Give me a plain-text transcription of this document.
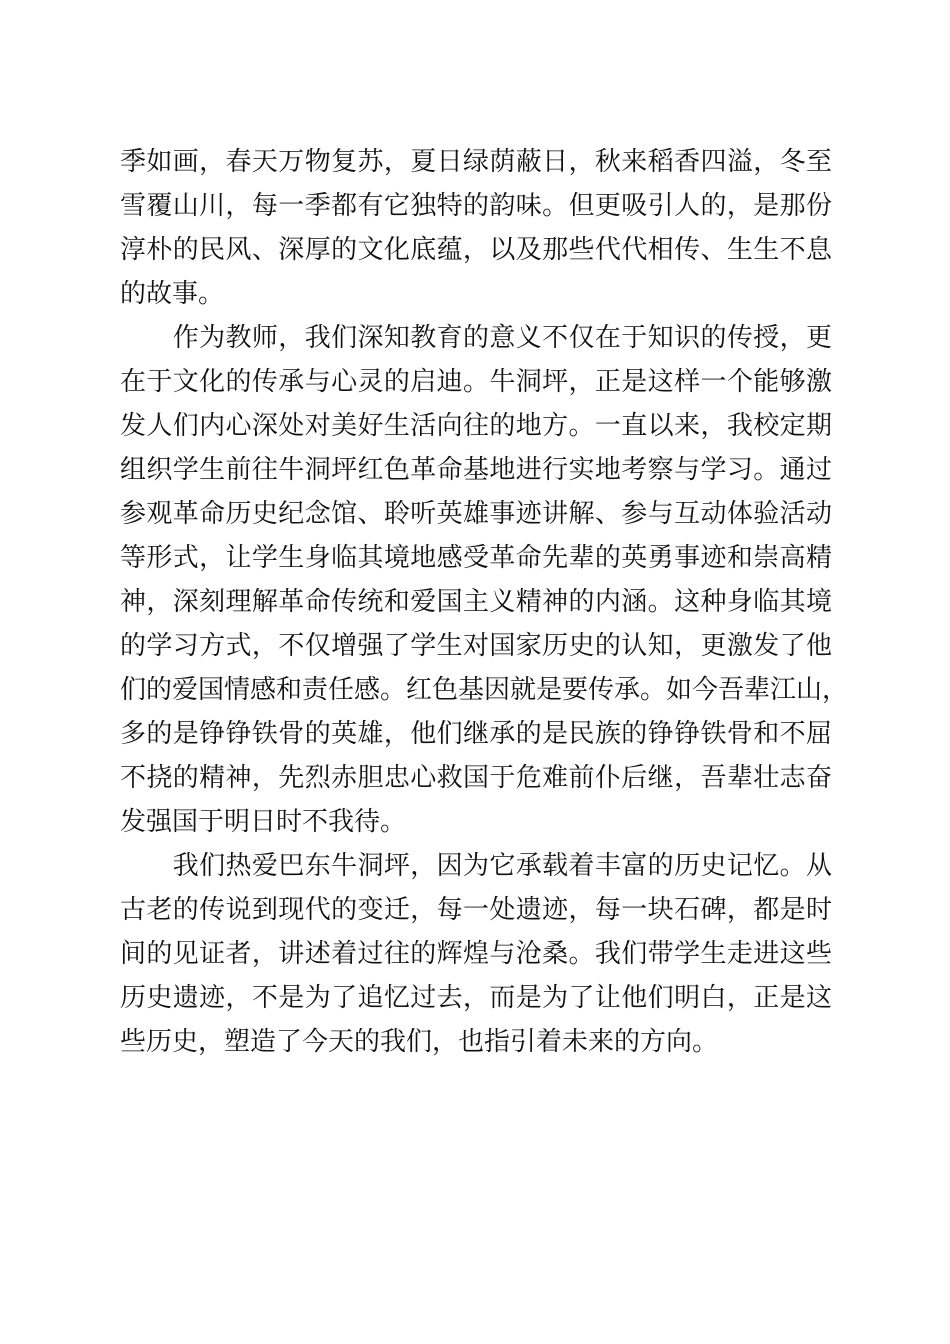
季如画，春天万物复苏，夏日绿荫蔽日，秋来稻香四溢，冬至
雪覆山川，每一季都有它独特的韵味。但更吸引人的，是那份
淳朴的民风、深厚的文化底蕴，以及那些代代相传、生生不息
的故事。
　　作为教师，我们深知教育的意义不仅在于知识的传授，更
在于文化的传承与心灵的启迪。牛洞坪，正是这样一个能够激
发人们内心深处对美好生活向往的地方。一直以来，我校定期
组织学生前往牛洞坪红色革命基地进行实地考察与学习。通过
参观革命历史纪念馆、聆听英雄事迹讲解、参与互动体验活动
等形式，让学生身临其境地感受革命先辈的英勇事迹和崇高精
神，深刻理解革命传统和爱国主义精神的内涵。这种身临其境
的学习方式，不仅增强了学生对国家历史的认知，更激发了他
们的爱国情感和责任感。红色基因就是要传承。如今吾辈江山，
多的是铮铮铁骨的英雄，他们继承的是民族的铮铮铁骨和不屈
不挠的精神，先烈赤胆忠心救国于危难前仆后继，吾辈壮志奋
发强国于明日时不我待。
　　我们热爱巴东牛洞坪，因为它承载着丰富的历史记忆。从
古老的传说到现代的变迁，每一处遗迹，每一块石碑，都是时
间的见证者，讲述着过往的辉煌与沧桑。我们带学生走进这些
历史遗迹，不是为了追忆过去，而是为了让他们明白，正是这
些历史，塑造了今天的我们，也指引着未来的方向。
